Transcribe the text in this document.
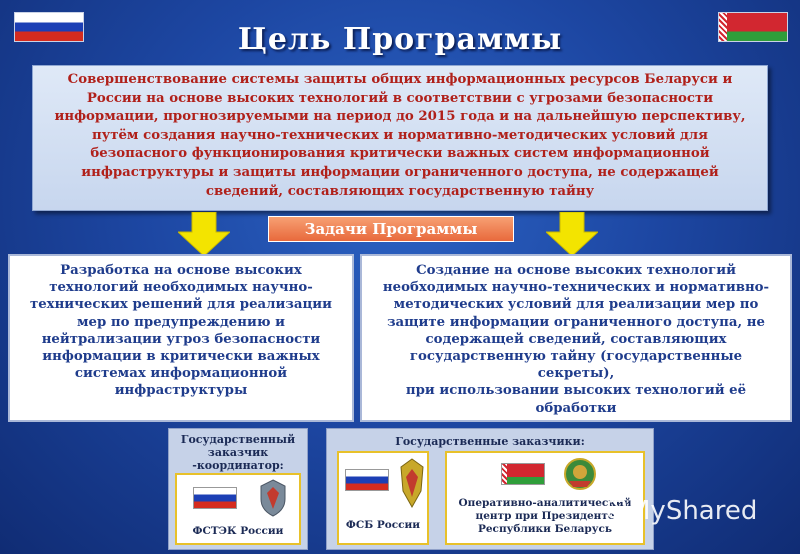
Цель Программы
Совершенствование системы защиты общих информационных ресурсов Беларуси и России на основе высоких технологий в соответствии с угрозами безопасности информации, прогнозируемыми на период до 2015 года и на дальнейшую перспективу, путём создания научно-технических и нормативно-методических условий для безопасного функционирования критически важных систем информационной инфраструктуры и защиты информации ограниченного доступа, не содержащей сведений, составляющих государственную тайну
Задачи Программы
Разработка на основе высоких технологий необходимых научно-технических решений для реализации мер по предупреждению и нейтрализации угроз безопасности информации в критически важных системах информационной инфраструктуры
Создание на основе высоких технологий необходимых научно-технических и нормативно-методических условий для реализации мер по защите информации ограниченного доступа, не содержащей сведений, составляющих государственную тайну (государственные секреты),
при использовании высоких технологий её обработки
Государственный заказчик -координатор:
ФСТЭК России
Государственные заказчики:
ФСБ России
Оперативно-аналитический центр при Президенте Республики Беларусь
MyShared
